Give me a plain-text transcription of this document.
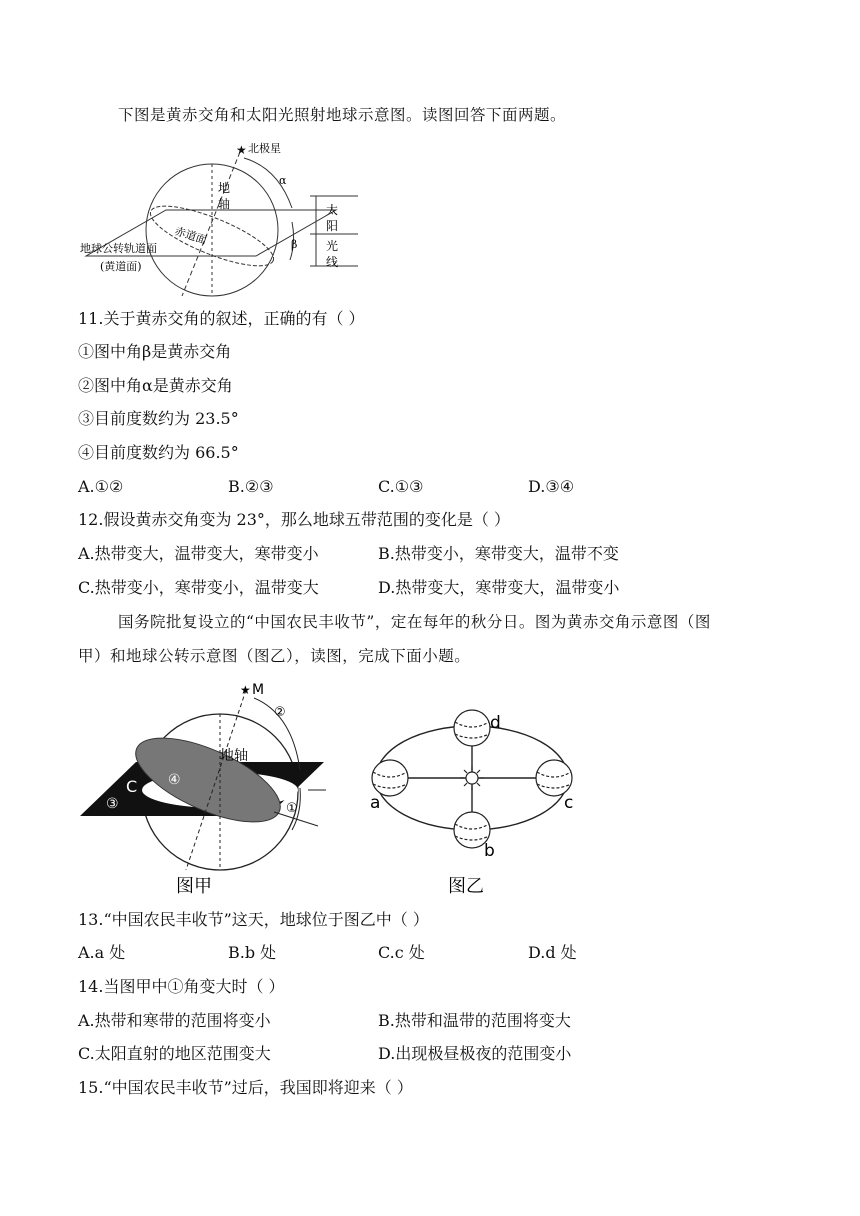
下图是黄赤交角和太阳光照射地球示意图。读图回答下面两题。
★ 北极星
地
轴
赤道面
地球公转轨道面
(黄道面)
α
β
太
阳
光
线
11.关于黄赤交角的叙述，正确的有（ ）
①图中角β是黄赤交角
②图中角α是黄赤交角
③目前度数约为 23.5°
④目前度数约为 66.5°
A.①②	B.②③	C.①③	D.③④
12.假设黄赤交角变为 23°，那么地球五带范围的变化是（ ）
A.热带变大，温带变大，寒带变小	B.热带变小，寒带变大，温带不变
C.热带变小，寒带变小，温带变大	D.热带变大，寒带变大，温带变小
国务院批复设立的“中国农民丰收节”，定在每年的秋分日。图为黄赤交角示意图（图
甲）和地球公转示意图（图乙），读图，完成下面小题。
★ M
②
地轴
④
C
③	①
图甲
d
a	c
b
图乙
13.“中国农民丰收节”这天，地球位于图乙中（ ）
A.a 处	B.b 处	C.c 处	D.d 处
14.当图甲中①角变大时（ ）
A.热带和寒带的范围将变小	B.热带和温带的范围将变大
C.太阳直射的地区范围变大	D.出现极昼极夜的范围变小
15.“中国农民丰收节”过后，我国即将迎来（ ）
